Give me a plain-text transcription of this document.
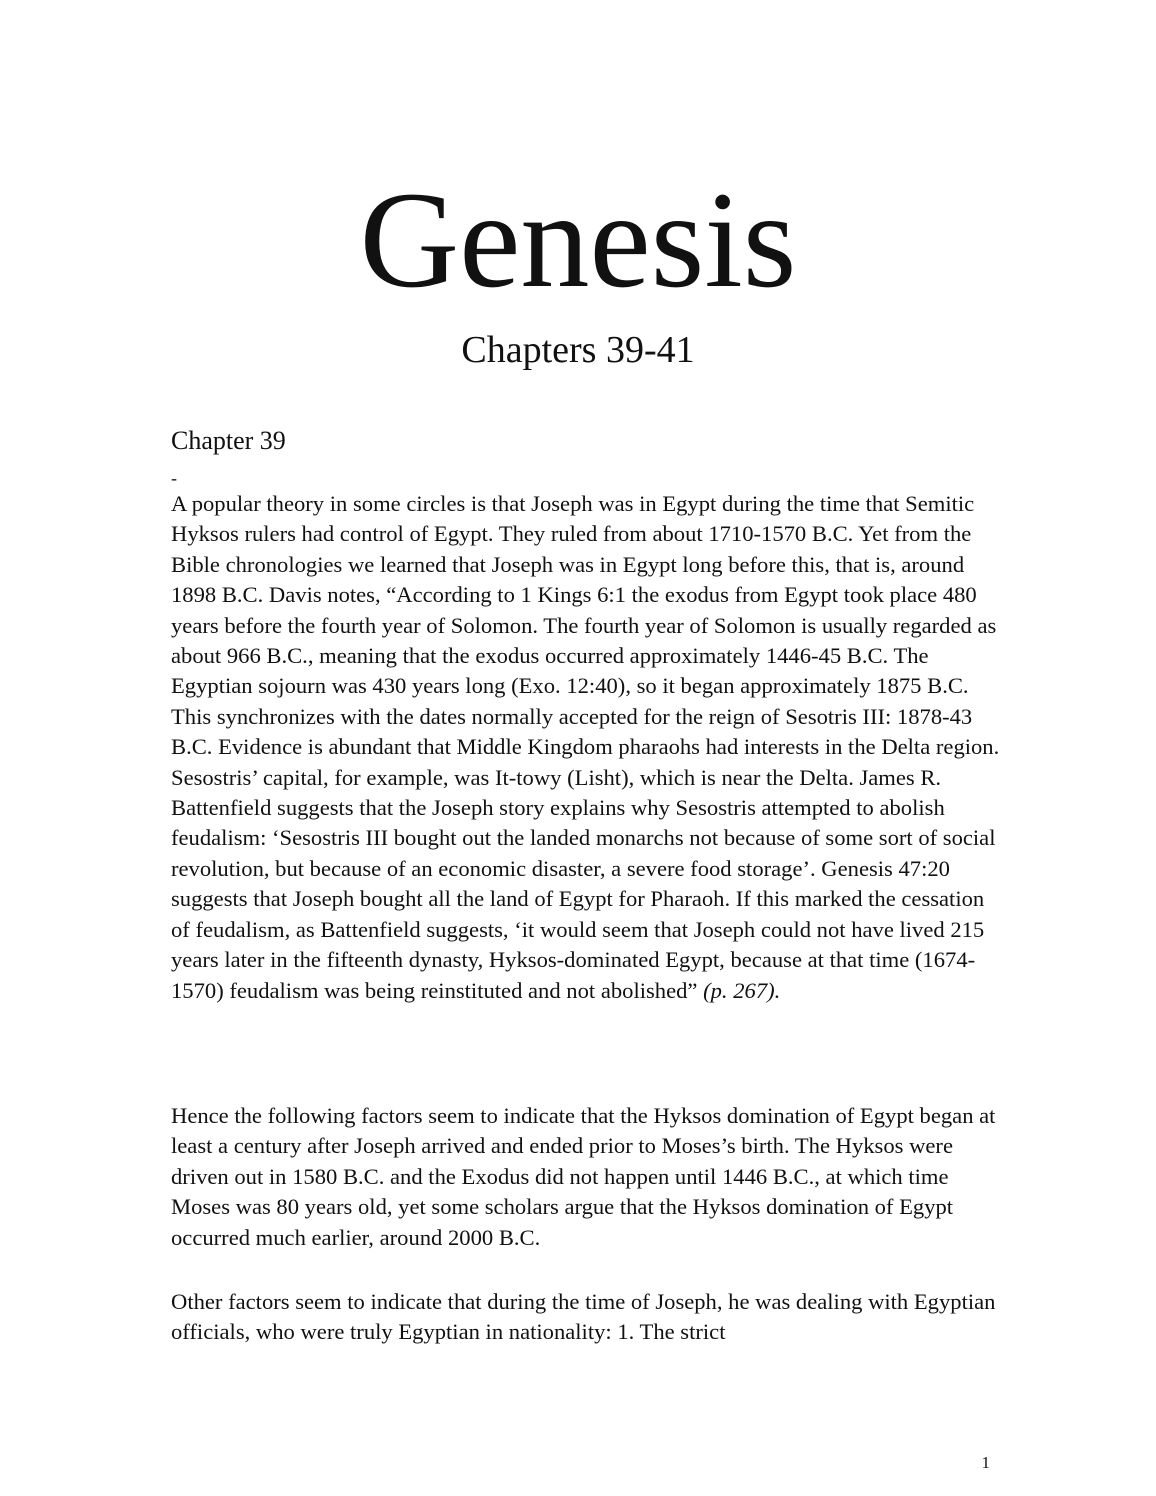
Genesis
Chapters 39-41
Chapter 39
-

A popular theory in some circles is that Joseph was in Egypt during the time that Semitic Hyksos rulers had control of Egypt. They ruled from about 1710-1570 B.C. Yet from the Bible chronologies we learned that Joseph was in Egypt long before this, that is, around 1898 B.C. Davis notes, “According to 1 Kings 6:1 the exodus from Egypt took place 480 years before the fourth year of Solomon. The fourth year of Solomon is usually regarded as about 966 B.C., meaning that the exodus occurred approximately 1446-45 B.C. The Egyptian sojourn was 430 years long (Exo. 12:40), so it began approximately 1875 B.C. This synchronizes with the dates normally accepted for the reign of Sesotris III: 1878-43 B.C. Evidence is abundant that Middle Kingdom pharaohs had interests in the Delta region. Sesostris’ capital, for example, was It-towy (Lisht), which is near the Delta. James R. Battenfield suggests that the Joseph story explains why Sesostris attempted to abolish feudalism: ‘Sesostris III bought out the landed monarchs not because of some sort of social revolution, but because of an economic disaster, a severe food storage’. Genesis 47:20 suggests that Joseph bought all the land of Egypt for Pharaoh. If this marked the cessation of feudalism, as Battenfield suggests, ‘it would seem that Joseph could not have lived 215 years later in the fifteenth dynasty, Hyksos-dominated Egypt, because at that time (1674-1570) feudalism was being reinstituted and not abolished” (p. 267).

Hence the following factors seem to indicate that the Hyksos domination of Egypt began at least a century after Joseph arrived and ended prior to Moses’s birth. The Hyksos were driven out in 1580 B.C. and the Exodus did not happen until 1446 B.C., at which time Moses was 80 years old, yet some scholars argue that the Hyksos domination of Egypt occurred much earlier, around 2000 B.C.

Other factors seem to indicate that during the time of Joseph, he was dealing with Egyptian officials, who were truly Egyptian in nationality: 1. The strict

1
